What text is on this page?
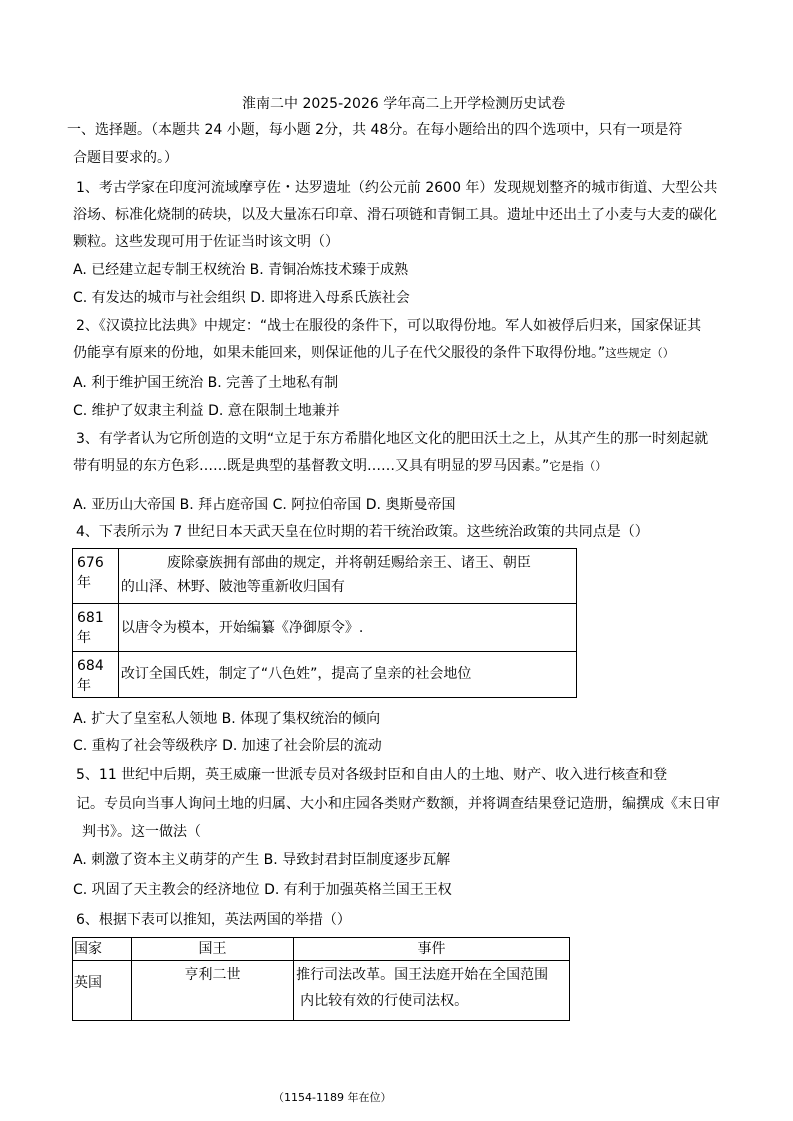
淮南二中 2025-2026 学年高二上开学检测历史试卷
一、选择题。（本题共 24 小题，每小题 2分，共 48分。在每小题给出的四个选项中，只有一项是符
合题目要求的。）
1、考古学家在印度河流域摩亨佐・达罗遗址（约公元前 2600 年）发现规划整齐的城市街道、大型公共
浴场、标准化烧制的砖块，以及大量冻石印章、滑石项链和青铜工具。遗址中还出土了小麦与大麦的碳化
颗粒。这些发现可用于佐证当时该文明（）
A. 已经建立起专制王权统治 B. 青铜冶炼技术臻于成熟
C. 有发达的城市与社会组织 D. 即将进入母系氏族社会
2、《汉谟拉比法典》中规定：“战士在服役的条件下，可以取得份地。军人如被俘后归来，国家保证其
仍能享有原来的份地，如果未能回来，则保证他的儿子在代父服役的条件下取得份地。”这些规定（）
A. 利于维护国王统治 B. 完善了土地私有制
C. 维护了奴隶主利益 D. 意在限制土地兼并
3、有学者认为它所创造的文明“立足于东方希腊化地区文化的肥田沃土之上，从其产生的那一时刻起就
带有明显的东方色彩……既是典型的基督教文明……又具有明显的罗马因素。”它是指（）
A. 亚历山大帝国 B. 拜占庭帝国 C. 阿拉伯帝国 D. 奥斯曼帝国
4、下表所示为 7 世纪日本天武天皇在位时期的若干统治政策。这些统治政策的共同点是（）
676 年	废除豪族拥有部曲的规定，并将朝廷赐给亲王、诸王、朝臣
的山泽、林野、陂池等重新收归国有

681 年	以唐令为模本，开始编纂《净御原令》.

684 年	改订全国氏姓，制定了“八色姓”，提高了皇亲的社会地位
A. 扩大了皇室私人领地 B. 体现了集权统治的倾向
C. 重构了社会等级秩序 D. 加速了社会阶层的流动
5、11 世纪中后期，英王威廉一世派专员对各级封臣和自由人的土地、财产、收入进行核查和登
记。专员向当事人询问土地的归属、大小和庄园各类财产数额，并将调查结果登记造册，编撰成《末日审
判书》。这一做法（
A. 刺激了资本主义萌芽的产生 B. 导致封君封臣制度逐步瓦解
C. 巩固了天主教会的经济地位 D. 有利于加强英格兰国王王权
6、根据下表可以推知，英法两国的举措（）
国家	国王	事件

英国	亨利二世	推行司法改革。国王法庭开始在全国范围
内比较有效的行使司法权。
（1154-1189 年在位）
